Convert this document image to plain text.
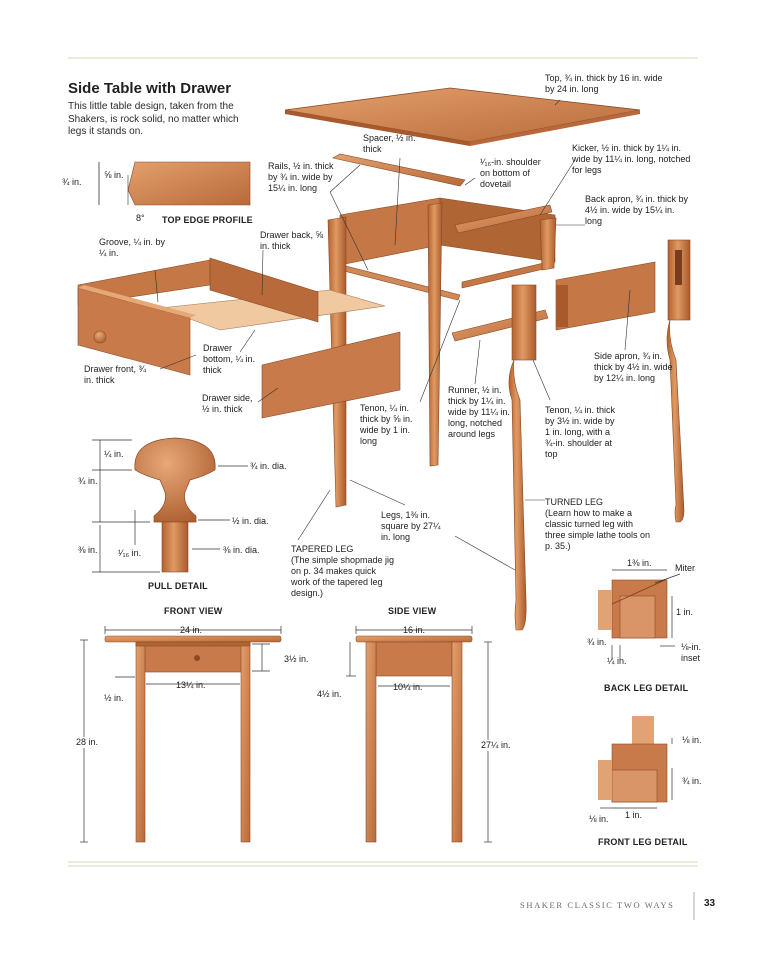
Side Table with Drawer
This little table design, taken from the Shakers, is rock solid, no matter which legs it stands on.
Top, ¾ in. thick by 16 in. wide by 24 in. long
Spacer, ½ in. thick
¹⁄₁₆-in. shoulder on bottom of dovetail
Kicker, ½ in. thick by 1¼ in. wide by 11¼ in. long, notched for legs
Rails, ½ in. thick by ¾ in. wide by 15¼ in. long
Back apron, ¾ in. thick by 4½ in. wide by 15¼ in. long
Drawer back, ⅝ in. thick
Groove, ¼ in. by ¼ in.
Drawer front, ¾ in. thick
Drawer bottom, ¼ in. thick
Drawer side, ½ in. thick	Tenon, ¼ in. thick by ⅝ in. wide by 1 in. long
Runner, ½ in. thick by 1¼ in. wide by 11¼ in. long, notched around legs
Tenon, ¼ in. thick by 3½ in. wide by 1 in. long, with a ¾-in. shoulder at top
Side apron, ¾ in. thick by 4½ in. wide by 12¼ in. long
Legs, 1⅜ in. square by 27¼ in. long
TURNED LEG
(Learn how to make a classic turned leg with three simple lathe tools on p. 35.)
TAPERED LEG
(The simple shopmade jig on p. 34 makes quick work of the tapered leg design.)
¾ in.
⅝ in.
8° TOP EDGE PROFILE
¼ in.
¾ in.
⅜ in. ¹⁄₁₆ in.
¾ in. dia.
½ in. dia.
⅜ in. dia.
PULL DETAIL
FRONT VIEW
24 in.
3½ in.
13¼ in.
½ in.
28 in.
SIDE VIEW
16 in.
4½ in.
10¼ in.
27¼ in.
1⅜ in.	Miter
1 in.
¾ in.
¼ in.
⅛-in. inset
BACK LEG DETAIL
⅛ in.
¾ in.
1 in.
⅛ in.
FRONT LEG DETAIL
SHAKER CLASSIC TWO WAYS	33
